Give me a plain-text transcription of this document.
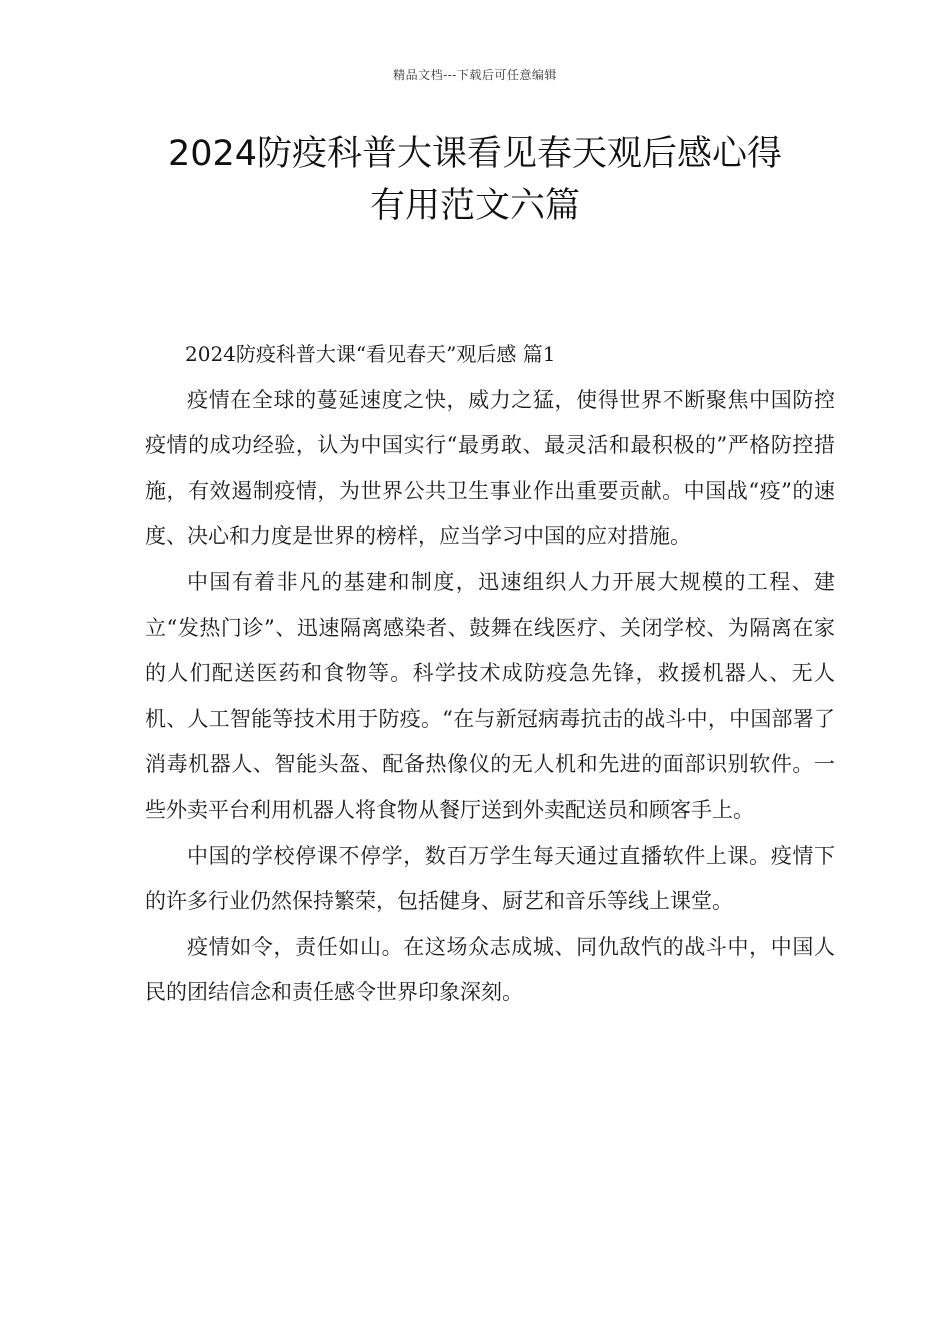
精品文档---下载后可任意编辑
2024防疫科普大课看见春天观后感心得
有用范文六篇

2024防疫科普大课“看见春天”观后感 篇1

疫情在全球的蔓延速度之快，威力之猛，使得世界不断聚焦中国防控疫情的成功经验，认为中国实行“最勇敢、最灵活和最积极的”严格防控措施，有效遏制疫情，为世界公共卫生事业作出重要贡献。中国战“疫”的速度、决心和力度是世界的榜样，应当学习中国的应对措施。

中国有着非凡的基建和制度，迅速组织人力开展大规模的工程、建立“发热门诊”、迅速隔离感染者、鼓舞在线医疗、关闭学校、为隔离在家的人们配送医药和食物等。科学技术成防疫急先锋，救援机器人、无人机、人工智能等技术用于防疫。“在与新冠病毒抗击的战斗中，中国部署了消毒机器人、智能头盔、配备热像仪的无人机和先进的面部识别软件。一些外卖平台利用机器人将食物从餐厅送到外卖配送员和顾客手上。

中国的学校停课不停学，数百万学生每天通过直播软件上课。疫情下的许多行业仍然保持繁荣，包括健身、厨艺和音乐等线上课堂。

疫情如令，责任如山。在这场众志成城、同仇敌忾的战斗中，中国人民的团结信念和责任感令世界印象深刻。
